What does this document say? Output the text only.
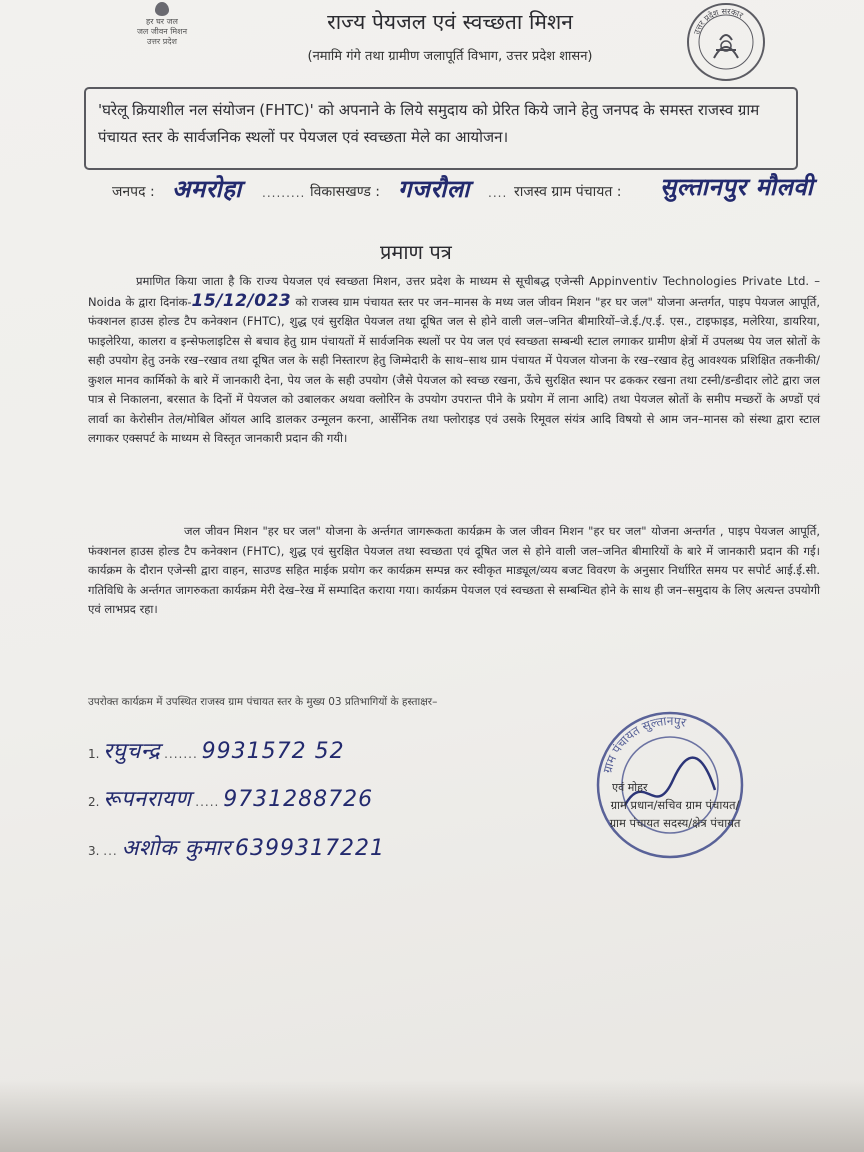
हर घर जल
जल जीवन मिशन
उत्तर प्रदेश
राज्य पेयजल एवं स्वच्छता मिशन
(नमामि गंगे तथा ग्रामीण जलापूर्ति विभाग, उत्तर प्रदेश शासन)
उत्तर प्रदेश सरकार
'घरेलू क्रियाशील नल संयोजन (FHTC)' को अपनाने के लिये समुदाय को प्रेरित किये जाने हेतु जनपद के समस्त राजस्व ग्राम पंचायत स्तर के सार्वजनिक स्थलों पर पेयजल एवं स्वच्छता मेले का आयोजन।
जनपद : अमरोहा ......... विकासखण्ड : गजरौला .... राजस्व ग्राम पंचायत : सुल्तानपुर मौलवी
प्रमाण पत्र
प्रमाणित किया जाता है कि राज्य पेयजल एवं स्वच्छता मिशन, उत्तर प्रदेश के माध्यम से सूचीबद्ध एजेन्सी Appinventiv Technologies Private Ltd. – Noida के द्वारा दिनांक-15/12/023 को राजस्व ग्राम पंचायत स्तर पर जन–मानस के मध्य जल जीवन मिशन "हर घर जल" योजना अन्तर्गत, पाइप पेयजल आपूर्ति, फंक्शनल हाउस होल्ड टैप कनेक्शन (FHTC), शुद्ध एवं सुरक्षित पेयजल तथा दूषित जल से होने वाली जल–जनित बीमारियों–जे.ई./ए.ई. एस., टाइफाइड, मलेरिया, डायरिया, फाइलेरिया, कालरा व इन्सेफलाइटिस से बचाव हेतु ग्राम पंचायतों में सार्वजनिक स्थलों पर पेय जल एवं स्वच्छता सम्बन्धी स्टाल लगाकर ग्रामीण क्षेत्रों में उपलब्ध पेय जल स्रोतों के सही उपयोग हेतु उनके रख–रखाव तथा दूषित जल के सही निस्तारण हेतु जिम्मेदारी के साथ–साथ ग्राम पंचायत में पेयजल योजना के रख–रखाव हेतु आवश्यक प्रशिक्षित तकनीकी/कुशल मानव कार्मिको के बारे में जानकारी देना, पेय जल के सही उपयोग (जैसे पेयजल को स्वच्छ रखना, ऊँचे सुरक्षित स्थान पर ढककर रखना तथा टस्नी/डन्डीदार लोटे द्वारा जल पात्र से निकालना, बरसात के दिनों में पेयजल को उबालकर अथवा क्लोरिन के उपयोग उपरान्त पीने के प्रयोग में लाना आदि) तथा पेयजल स्रोतों के समीप मच्छरों के अण्डों एवं लार्वा का केरोसीन तेल/मोबिल ऑयल आदि डालकर उन्मूलन करना, आर्सेनिक तथा फ्लोराइड एवं उसके रिमूवल संयंत्र आदि विषयो से आम जन–मानस को संस्था द्वारा स्टाल लगाकर एक्सपर्ट के माध्यम से विस्तृत जानकारी प्रदान की गयी।
जल जीवन मिशन "हर घर जल" योजना के अर्न्तगत जागरूकता कार्यक्रम के जल जीवन मिशन "हर घर जल" योजना अन्तर्गत , पाइप पेयजल आपूर्ति, फंक्शनल हाउस होल्ड टैप कनेक्शन (FHTC), शुद्ध एवं सुरक्षित पेयजल तथा स्वच्छता एवं दूषित जल से होने वाली जल–जनित बीमारियों के बारे में जानकारी प्रदान की गई। कार्यक्रम के दौरान एजेन्सी द्वारा वाहन, साउण्ड सहित माईक प्रयोग कर कार्यक्रम सम्पन्न कर स्वीकृत माड्यूल/व्यय बजट विवरण के अनुसार निर्धारित समय पर सपोर्ट आई.ई.सी. गतिविधि के अर्न्तगत जागरुकता कार्यक्रम मेरी देख–रेख में सम्पादित कराया गया। कार्यक्रम पेयजल एवं स्वच्छता से सम्बन्धित होने के साथ ही जन–समुदाय के लिए अत्यन्त उपयोगी एवं लाभप्रद रहा।
उपरोक्त कार्यक्रम में उपस्थित राजस्व ग्राम पंचायत स्तर के मुख्य 03 प्रतिभागियों के हस्ताक्षर–
1. रघुचन्द्र ....... 9931572 52
2. रूपनरायण ..... 9731288726
3. ... अशोक कुमार 6399317221
ग्राम पंचायत सुल्तानपुर
एवं मोहर
ग्राम प्रधान/सचिव ग्राम पंचायत/
ग्राम पंचायत सदस्य/क्षेत्र पंचायत
